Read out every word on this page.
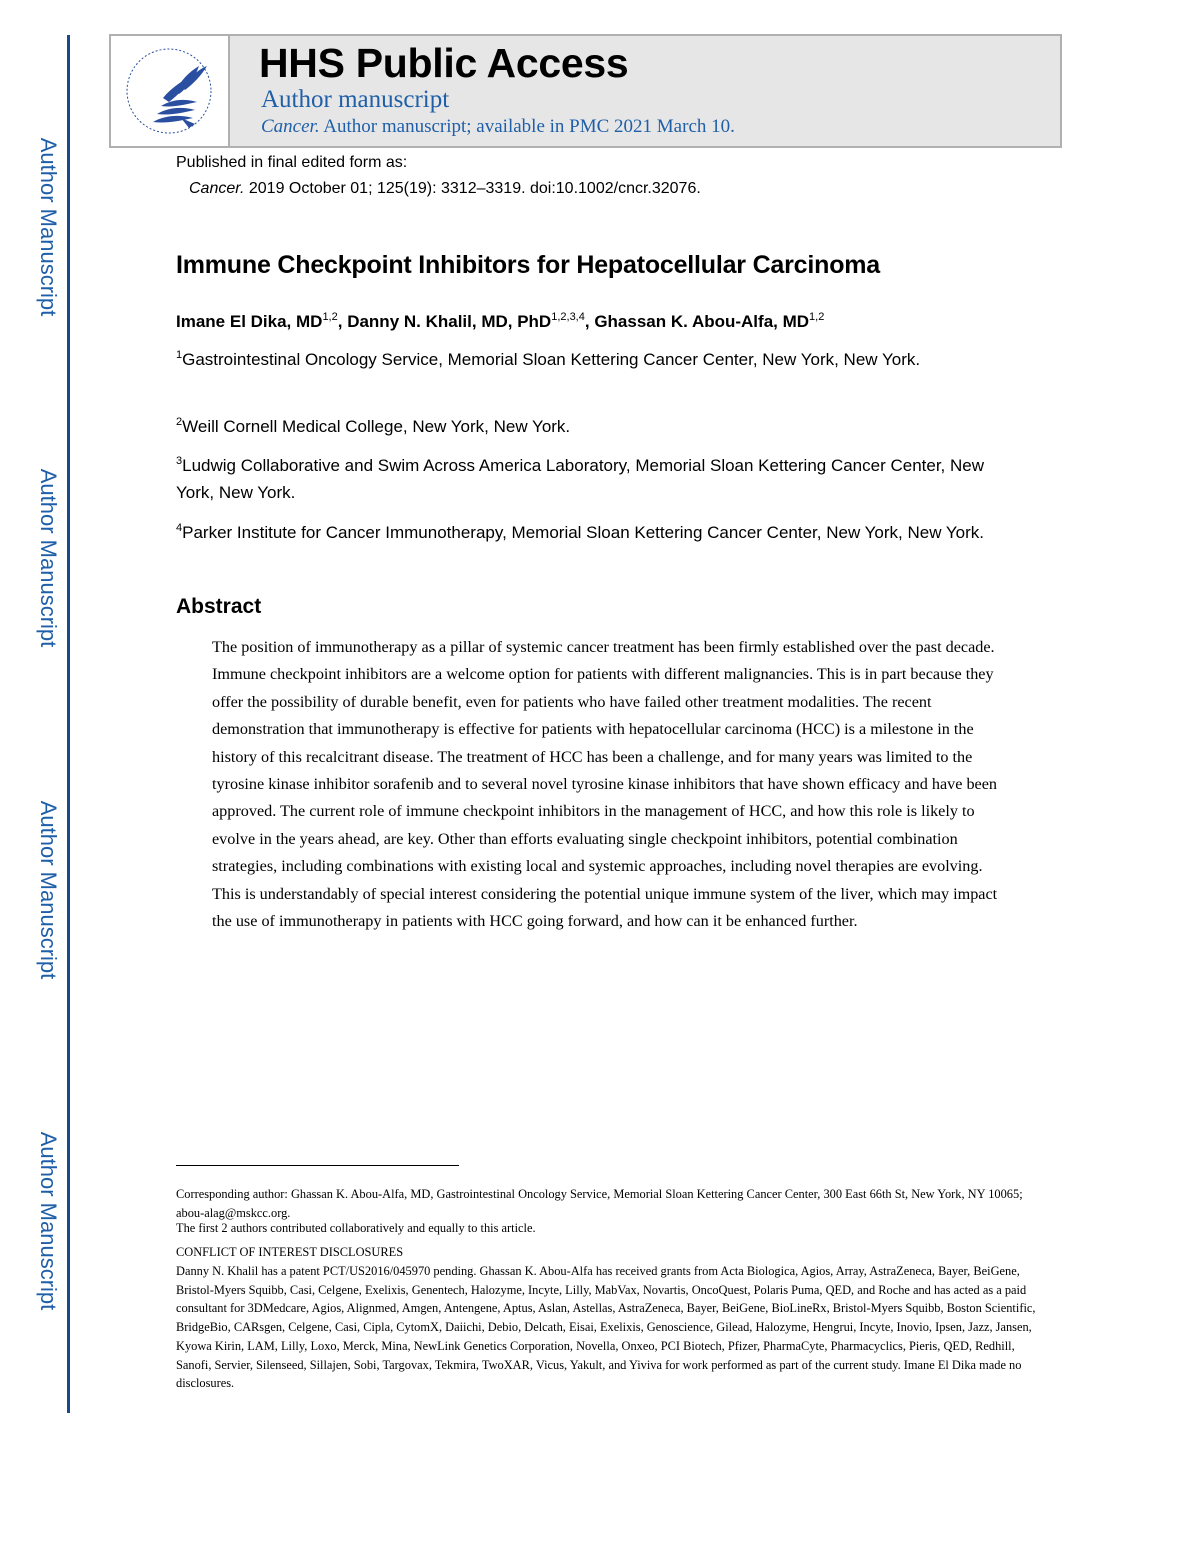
Author Manuscript
Author Manuscript
Author Manuscript
Author Manuscript
HHS Public Access
Author manuscript
Cancer. Author manuscript; available in PMC 2021 March 10.
Published in final edited form as:
Cancer. 2019 October 01; 125(19): 3312–3319. doi:10.1002/cncr.32076.
Immune Checkpoint Inhibitors for Hepatocellular Carcinoma
Imane El Dika, MD$^{1,2}$, Danny N. Khalil, MD, PhD$^{1,2,3,4}$, Ghassan K. Abou-Alfa, MD$^{1,2}$
$^1$Gastrointestinal Oncology Service, Memorial Sloan Kettering Cancer Center, New York, New York.
$^2$Weill Cornell Medical College, New York, New York.
$^3$Ludwig Collaborative and Swim Across America Laboratory, Memorial Sloan Kettering Cancer Center, New York, New York.
$^4$Parker Institute for Cancer Immunotherapy, Memorial Sloan Kettering Cancer Center, New York, New York.
Abstract
The position of immunotherapy as a pillar of systemic cancer treatment has been firmly established over the past decade. Immune checkpoint inhibitors are a welcome option for patients with different malignancies. This is in part because they offer the possibility of durable benefit, even for patients who have failed other treatment modalities. The recent demonstration that immunotherapy is effective for patients with hepatocellular carcinoma (HCC) is a milestone in the history of this recalcitrant disease. The treatment of HCC has been a challenge, and for many years was limited to the tyrosine kinase inhibitor sorafenib and to several novel tyrosine kinase inhibitors that have shown efficacy and have been approved. The current role of immune checkpoint inhibitors in the management of HCC, and how this role is likely to evolve in the years ahead, are key. Other than efforts evaluating single checkpoint inhibitors, potential combination strategies, including combinations with existing local and systemic approaches, including novel therapies are evolving. This is understandably of special interest considering the potential unique immune system of the liver, which may impact the use of immunotherapy in patients with HCC going forward, and how can it be enhanced further.
Corresponding author: Ghassan K. Abou-Alfa, MD, Gastrointestinal Oncology Service, Memorial Sloan Kettering Cancer Center, 300 East 66th St, New York, NY 10065; abou-alag@mskcc.org.
The first 2 authors contributed collaboratively and equally to this article.
CONFLICT OF INTEREST DISCLOSURES
Danny N. Khalil has a patent PCT/US2016/045970 pending. Ghassan K. Abou-Alfa has received grants from Acta Biologica, Agios, Array, AstraZeneca, Bayer, BeiGene, Bristol-Myers Squibb, Casi, Celgene, Exelixis, Genentech, Halozyme, Incyte, Lilly, MabVax, Novartis, OncoQuest, Polaris Puma, QED, and Roche and has acted as a paid consultant for 3DMedcare, Agios, Alignmed, Amgen, Antengene, Aptus, Aslan, Astellas, AstraZeneca, Bayer, BeiGene, BioLineRx, Bristol-Myers Squibb, Boston Scientific, BridgeBio, CARsgen, Celgene, Casi, Cipla, CytomX, Daiichi, Debio, Delcath, Eisai, Exelixis, Genoscience, Gilead, Halozyme, Hengrui, Incyte, Inovio, Ipsen, Jazz, Jansen, Kyowa Kirin, LAM, Lilly, Loxo, Merck, Mina, NewLink Genetics Corporation, Novella, Onxeo, PCI Biotech, Pfizer, PharmaCyte, Pharmacyclics, Pieris, QED, Redhill, Sanofi, Servier, Silenseed, Sillajen, Sobi, Targovax, Tekmira, TwoXAR, Vicus, Yakult, and Yiviva for work performed as part of the current study. Imane El Dika made no disclosures.
